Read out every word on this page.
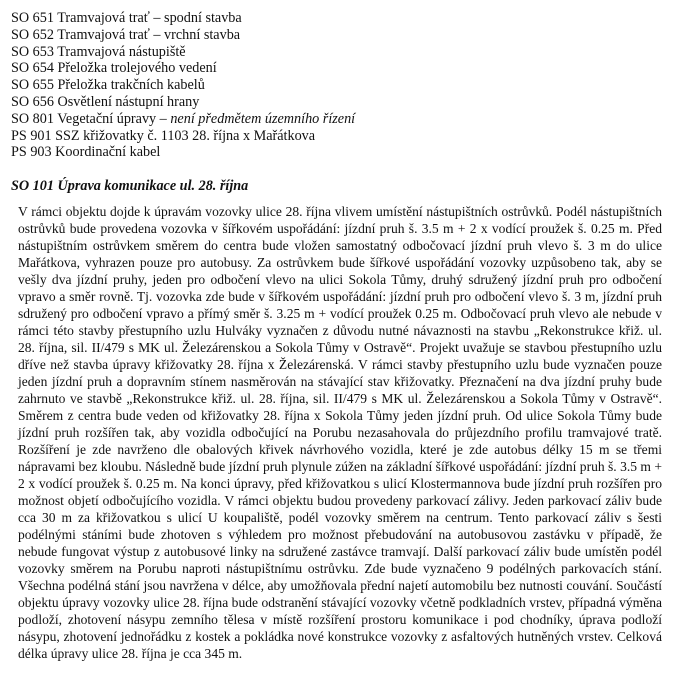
SO 651 Tramvajová trať – spodní stavba
SO 652 Tramvajová trať – vrchní stavba
SO 653 Tramvajová nástupiště
SO 654 Přeložka trolejového vedení
SO 655 Přeložka trakčních kabelů
SO 656 Osvětlení nástupní hrany
SO 801 Vegetační úpravy – není předmětem územního řízení
PS 901 SSZ křižovatky č. 1103 28. října x Mařátkova
PS 903 Koordinační kabel
SO 101 Úprava komunikace ul. 28. října

V rámci objektu dojde k úpravám vozovky ulice 28. října vlivem umístění nástupištních ostrůvků. Podél nástupištních ostrůvků bude provedena vozovka v šířkovém uspořádání: jízdní pruh š. 3.5 m + 2 x vodící proužek š. 0.25 m. Před nástupištním ostrůvkem směrem do centra bude vložen samostatný odbočovací jízdní pruh vlevo š. 3 m do ulice Mařátkova, vyhrazen pouze pro autobusy. Za ostrůvkem bude šířkové uspořádání vozovky uzpůsobeno tak, aby se vešly dva jízdní pruhy, jeden pro odbočení vlevo na ulici Sokola Tůmy, druhý sdružený jízdní pruh pro odbočení vpravo a směr rovně. Tj. vozovka zde bude v šířkovém uspořádání: jízdní pruh pro odbočení vlevo š. 3 m, jízdní pruh sdružený pro odbočení vpravo a přímý směr š. 3.25 m + vodící proužek 0.25 m. Odbočovací pruh vlevo ale nebude v rámci této stavby přestupního uzlu Hulváky vyznačen z důvodu nutné návaznosti na stavbu „Rekonstrukce křiž. ul. 28. října, sil. II/479 s MK ul. Železárenskou a Sokola Tůmy v Ostravě“. Projekt uvažuje se stavbou přestupního uzlu dříve než stavba úpravy křižovatky 28. října x Železárenská. V rámci stavby přestupního uzlu bude vyznačen pouze jeden jízdní pruh a dopravním stínem nasměrován na stávající stav křižovatky. Přeznačení na dva jízdní pruhy bude zahrnuto ve stavbě „Rekonstrukce křiž. ul. 28. října, sil. II/479 s MK ul. Železárenskou a Sokola Tůmy v Ostravě“. Směrem z centra bude veden od křižovatky 28. října x Sokola Tůmy jeden jízdní pruh. Od ulice Sokola Tůmy bude jízdní pruh rozšířen tak, aby vozidla odbočující na Porubu nezasahovala do průjezdního profilu tramvajové tratě. Rozšíření je zde navrženo dle obalových křivek návrhového vozidla, které je zde autobus délky 15 m se třemi nápravami bez kloubu. Následně bude jízdní pruh plynule zúžen na základní šířkové uspořádání: jízdní pruh š. 3.5 m + 2 x vodící proužek š. 0.25 m. Na konci úpravy, před křižovatkou s ulicí Klostermannova bude jízdní pruh rozšířen pro možnost objetí odbočujícího vozidla. V rámci objektu budou provedeny parkovací zálivy. Jeden parkovací záliv bude cca 30 m za křižovatkou s ulicí U koupaliště, podél vozovky směrem na centrum. Tento parkovací záliv s šesti podélnými stáními bude zhotoven s výhledem pro možnost přebudování na autobusovou zastávku v případě, že nebude fungovat výstup z autobusové linky na sdružené zastávce tramvají. Další parkovací záliv bude umístěn podél vozovky směrem na Porubu naproti nástupištnímu ostrůvku. Zde bude vyznačeno 9 podélných parkovacích stání. Všechna podélná stání jsou navržena v délce, aby umožňovala přední najetí automobilu bez nutnosti couvání. Součástí objektu úpravy vozovky ulice 28. října bude odstranění stávající vozovky včetně podkladních vrstev, případná výměna podloží, zhotovení násypu zemního tělesa v místě rozšíření prostoru komunikace i pod chodníky, úprava podloží násypu, zhotovení jednořádku z kostek a pokládka nové konstrukce vozovky z asfaltových hutněných vrstev. Celková délka úpravy ulice 28. října je cca 345 m.
